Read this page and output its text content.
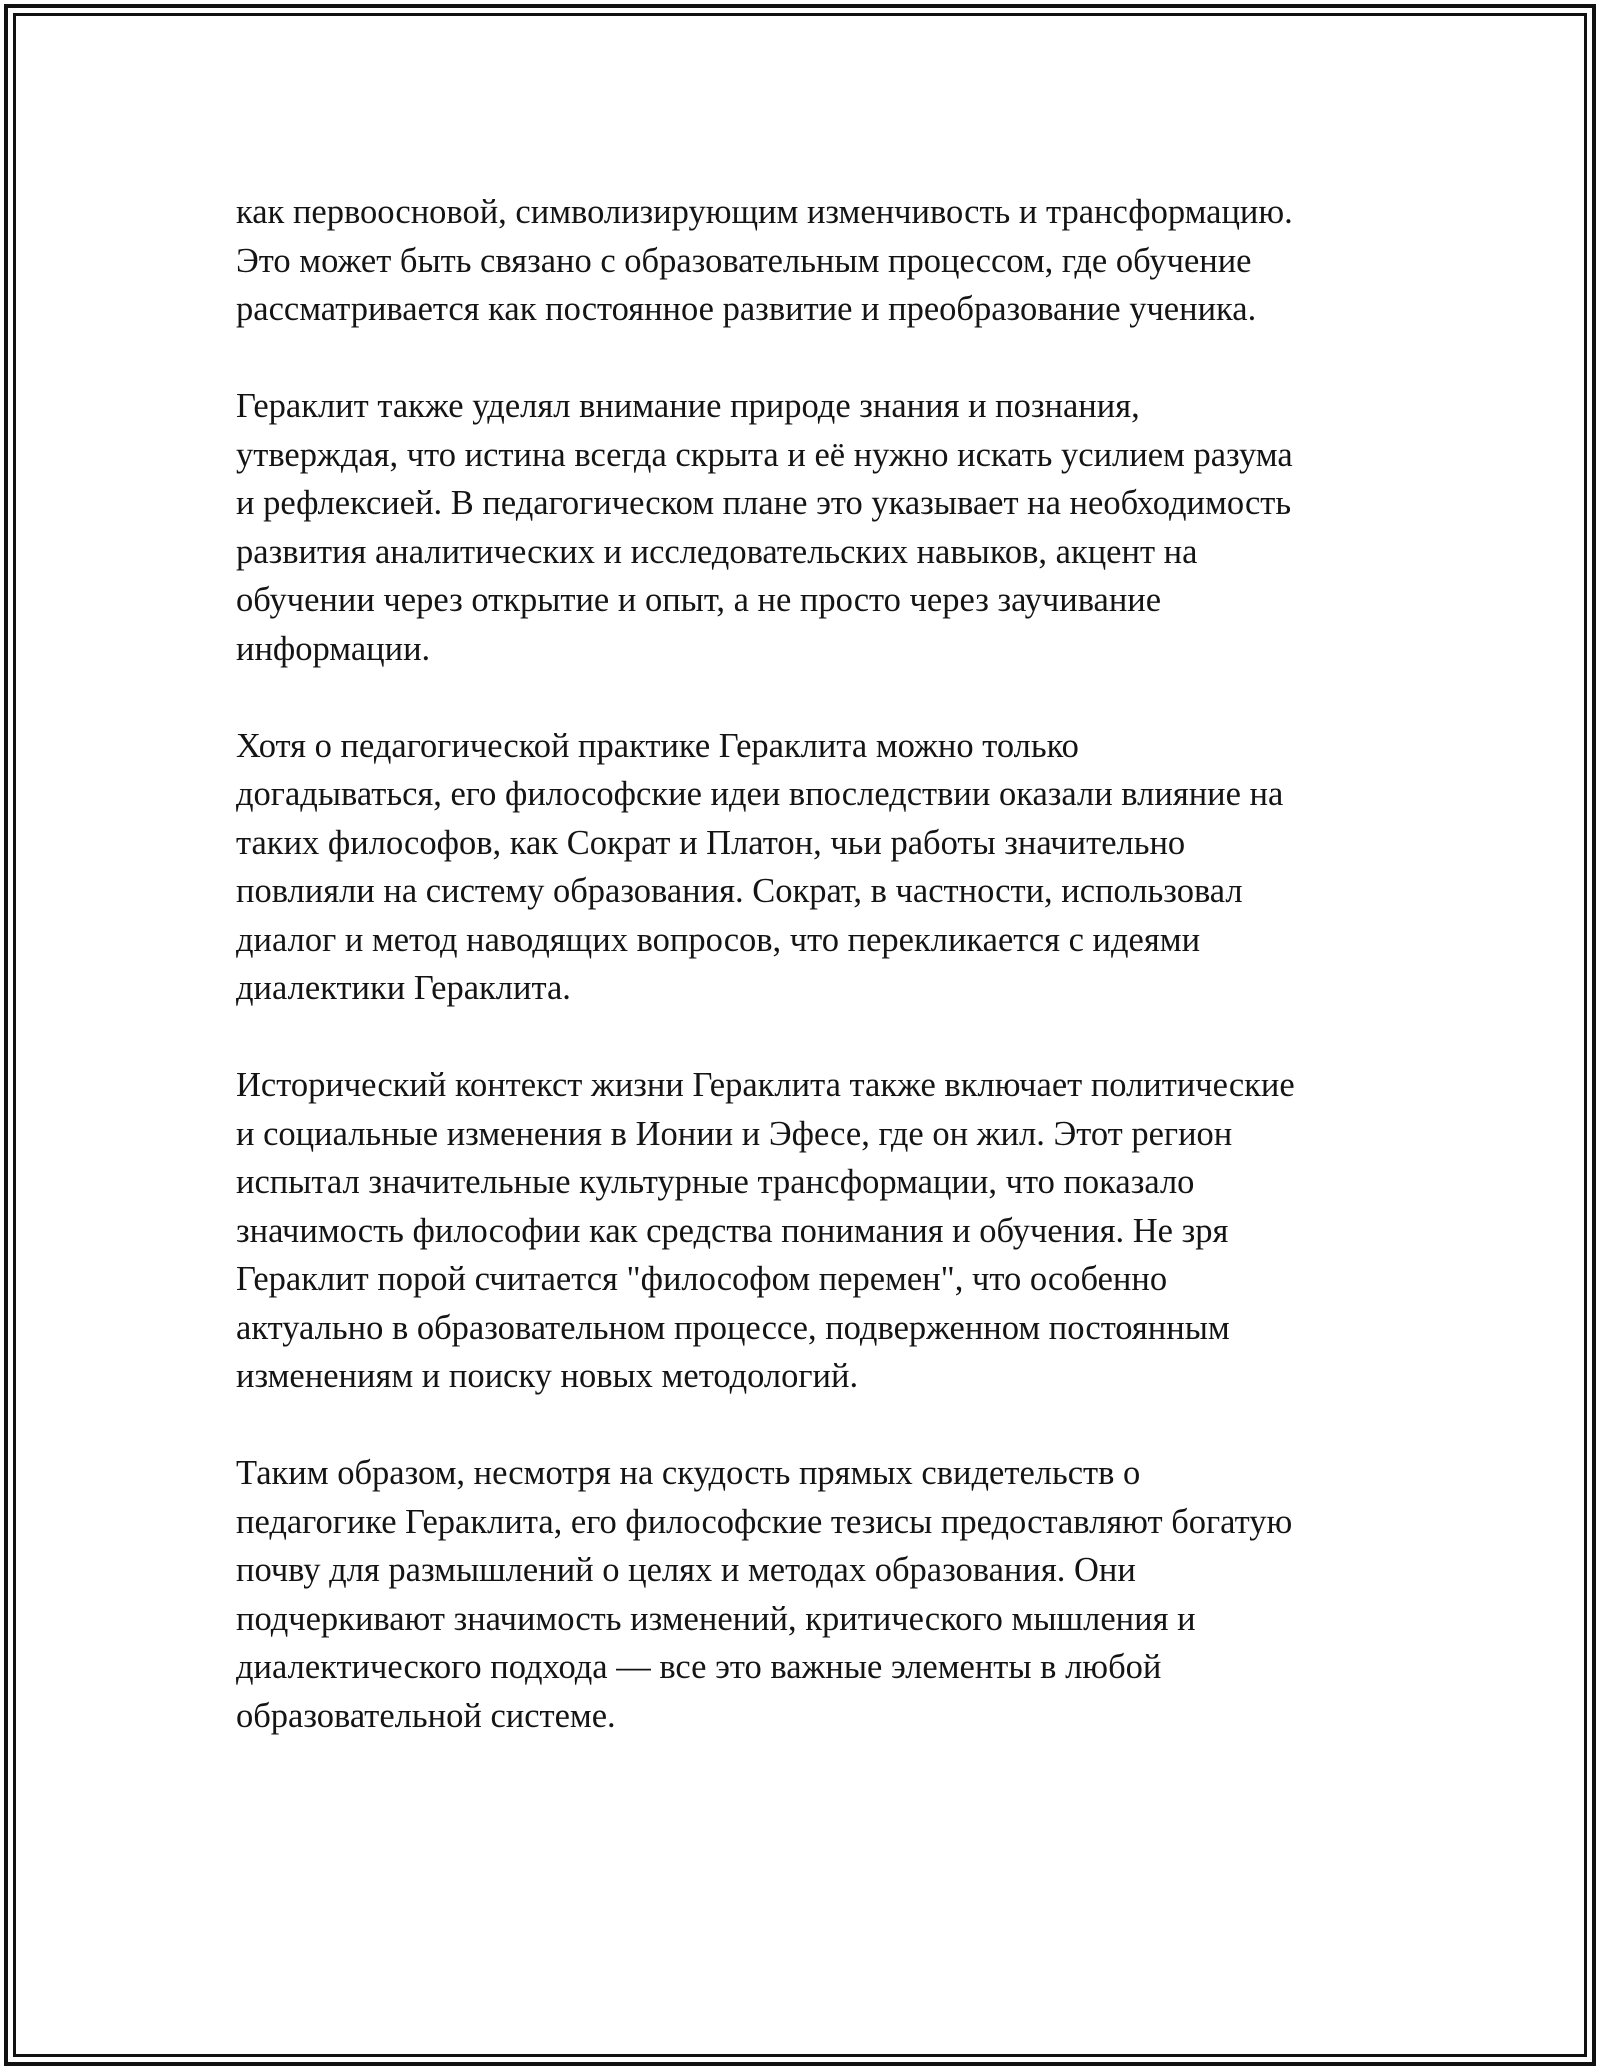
как первоосновой, символизирующим изменчивость и трансформацию.
Это может быть связано с образовательным процессом, где обучение
рассматривается как постоянное развитие и преобразование ученика.

Гераклит также уделял внимание природе знания и познания,
утверждая, что истина всегда скрыта и её нужно искать усилием разума
и рефлексией. В педагогическом плане это указывает на необходимость
развития аналитических и исследовательских навыков, акцент на
обучении через открытие и опыт, а не просто через заучивание
информации.

Хотя о педагогической практике Гераклита можно только
догадываться, его философские идеи впоследствии оказали влияние на
таких философов, как Сократ и Платон, чьи работы значительно
повлияли на систему образования. Сократ, в частности, использовал
диалог и метод наводящих вопросов, что перекликается с идеями
диалектики Гераклита.

Исторический контекст жизни Гераклита также включает политические
и социальные изменения в Ионии и Эфесе, где он жил. Этот регион
испытал значительные культурные трансформации, что показало
значимость философии как средства понимания и обучения. Не зря
Гераклит порой считается "философом перемен", что особенно
актуально в образовательном процессе, подверженном постоянным
изменениям и поиску новых методологий.

Таким образом, несмотря на скудость прямых свидетельств о
педагогике Гераклита, его философские тезисы предоставляют богатую
почву для размышлений о целях и методах образования. Они
подчеркивают значимость изменений, критического мышления и
диалектического подхода — все это важные элементы в любой
образовательной системе.
